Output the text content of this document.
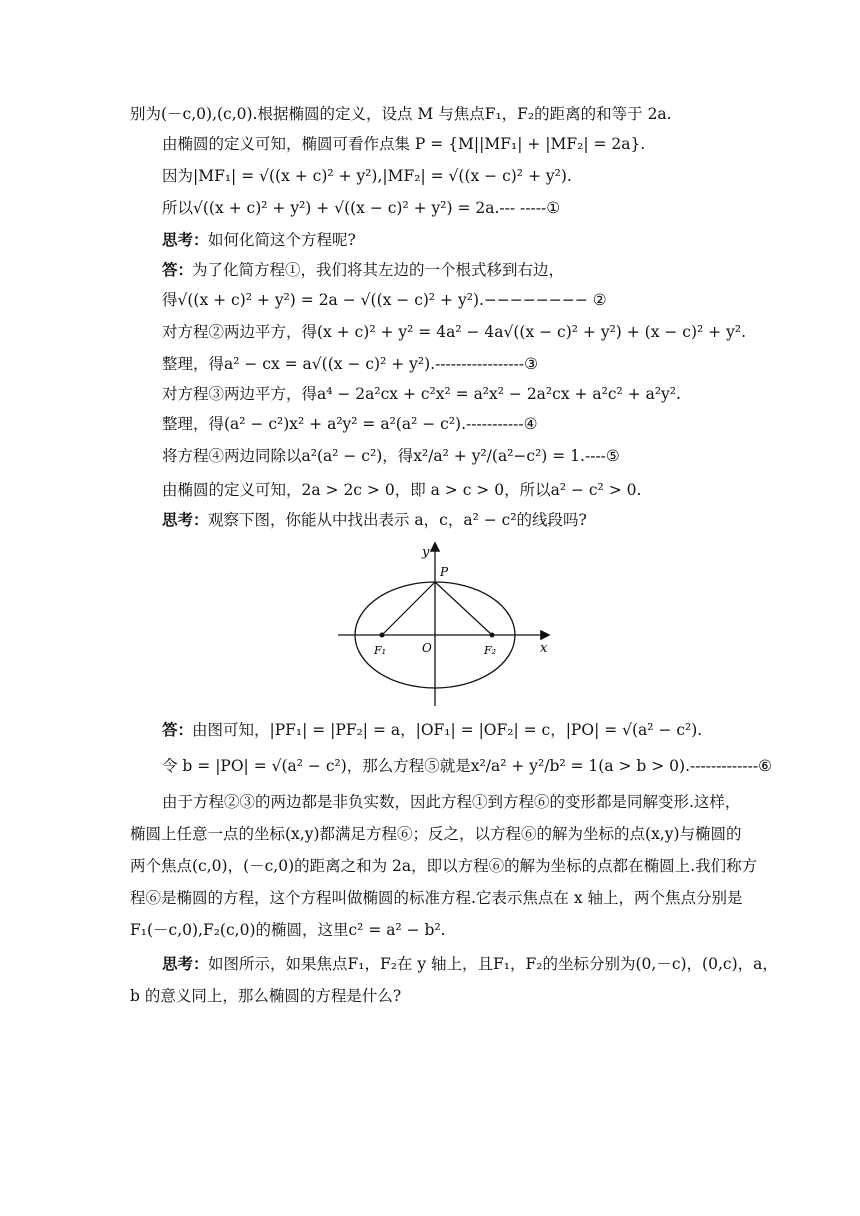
别为(－c,0),(c,0).根据椭圆的定义，设点 M 与焦点F₁，F₂的距离的和等于 2a.
由椭圆的定义可知，椭圆可看作点集 P = {M||MF₁| + |MF₂| = 2a}.
因为|MF₁| = √((x + c)² + y²),|MF₂| = √((x − c)² + y²).
所以√((x + c)² + y²) + √((x − c)² + y²) = 2a.--- -----①
思考： 如何化简这个方程呢?
答：
为了化简方程①，我们将其左边的一个根式移到右边，
得√((x + c)² + y²) = 2a − √((x − c)² + y²).−−−−−−−− ②
对方程②两边平方，得(x + c)² + y² = 4a² − 4a√((x − c)² + y²) + (x − c)² + y².
整理，得a² − cx = a√((x − c)² + y²).-----------------③
对方程③两边平方，得a⁴ − 2a²cx + c²x² = a²x² − 2a²cx + a²c² + a²y².
整理，得(a² − c²)x² + a²y² = a²(a² − c²).-----------④
将方程④两边同除以a²(a² − c²)，得x²/a² + y²/(a²−c²) = 1.----⑤
由椭圆的定义可知，2a > 2c > 0，即 a > c > 0，所以a² − c² > 0.
思考： 观察下图，你能从中找出表示 a，c，a² − c²的线段吗?
y
x
P
O
F₁	F₂
答：
由图可知，|PF₁| = |PF₂| = a，|OF₁| = |OF₂| = c，|PO| = √(a² − c²).
令 b = |PO| = √(a² − c²)，那么方程⑤就是x²/a² + y²/b² = 1(a > b > 0).-------------⑥
由于方程②③的两边都是非负实数，因此方程①到方程⑥的变形都是同解变形.这样，
椭圆上任意一点的坐标(x,y)都满足方程⑥；反之，以方程⑥的解为坐标的点(x,y)与椭圆的
两个焦点(c,0)，(－c,0)的距离之和为 2a，即以方程⑥的解为坐标的点都在椭圆上.我们称方
程⑥是椭圆的方程，这个方程叫做椭圆的标准方程.它表示焦点在 x 轴上，两个焦点分别是
F₁(－c,0),F₂(c,0)的椭圆，这里c² = a² − b².
思考： 如图所示，如果焦点F₁，F₂在 y 轴上，且F₁，F₂的坐标分别为(0,－c)，(0,c)，a，
b 的意义同上，那么椭圆的方程是什么?
